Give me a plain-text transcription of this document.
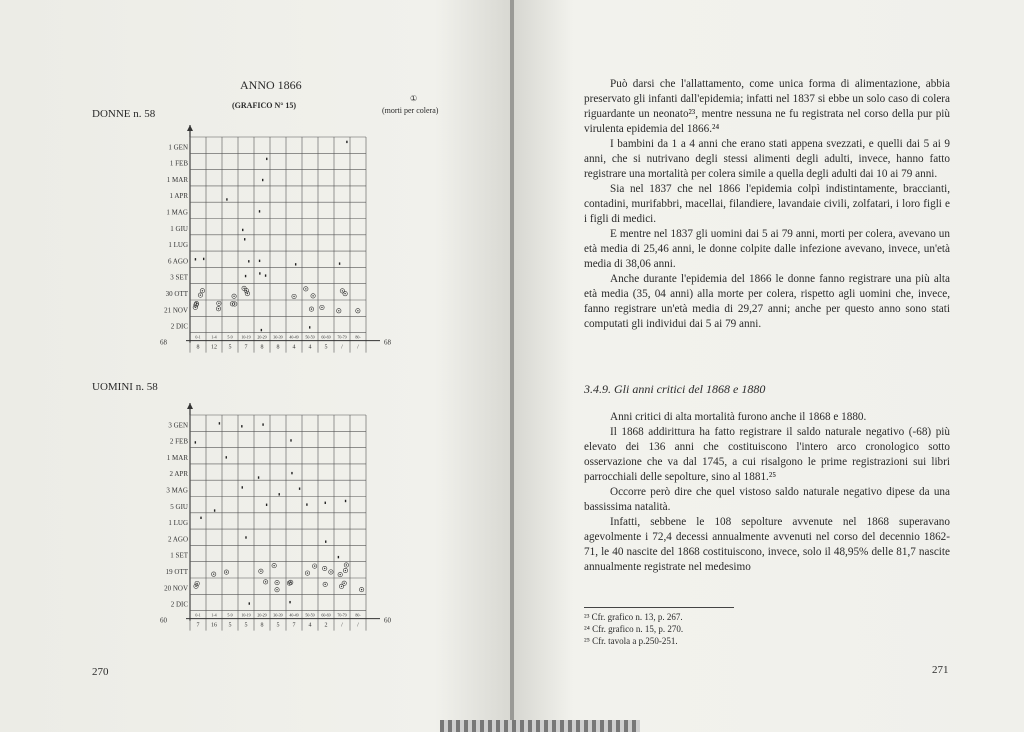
ANNO 1866
(GRAFICO N° 15)
①
(morti per colera)
DONNE n. 58
UOMINI n. 58
1 GEN
1 FEB
1 MAR
1 APR
1 MAG
1 GIU
1 LUG
6 AGO
3 SET
30 OTT
21 NOV
2 DIC
0-1	1-4	5-9 10-19 20-29 30-39 40-49 50-59 60-69 70-79 80-
8 12 5 7 8 8 4 4 5 / /
68	68
3 GEN
2 FEB
1 MAR
2 APR
3 MAG
5 GIU
1 LUG
2 AGO
1 SET
19 OTT
20 NOV
2 DIC
0-1	1-4	5-9 10-19 20-29 30-39 40-49 50-59 60-69 70-79 80-
7 16 5 5 8 5 7 4 2 / /
60	60
270

Può darsi che l'allattamento, come unica forma di alimentazione, abbia preservato gli infanti dall'epidemia; infatti nel 1837 si ebbe un solo caso di colera riguardante un neonato²³, mentre nessuna ne fu registrata nel corso della pur più virulenta epidemia del 1866.²⁴

I bambini da 1 a 4 anni che erano stati appena svezzati, e quelli dai 5 ai 9 anni, che si nutrivano degli stessi alimenti degli adulti, invece, hanno fatto registrare una mortalità per colera simile a quella degli adulti dai 10 ai 79 anni.

Sia nel 1837 che nel 1866 l'epidemia colpì indistintamente, braccianti, contadini, murifabbri, macellai, filandiere, lavandaie civili, zolfatari, i loro figli e i figli di medici.

E mentre nel 1837 gli uomini dai 5 ai 79 anni, morti per colera, avevano un età media di 25,46 anni, le donne colpite dalle infezione avevano, invece, un'età media di 38,06 anni.

Anche durante l'epidemia del 1866 le donne fanno registrare una più alta età media (35, 04 anni) alla morte per colera, rispetto agli uomini che, invece, fanno registrare un'età media di 29,27 anni; anche per questo anno sono stati computati gli individui dai 5 ai 79 anni.

3.4.9. Gli anni critici del 1868 e 1880

Anni critici di alta mortalità furono anche il 1868 e 1880.

Il 1868 addirittura ha fatto registrare il saldo naturale negativo (-68) più elevato dei 136 anni che costituiscono l'intero arco cronologico sotto osservazione che va dal 1745, a cui risalgono le prime registrazioni sui libri parrocchiali delle sepolture, sino al 1881.²⁵

Occorre però dire che quel vistoso saldo naturale negativo dipese da una bassissima natalità.

Infatti, sebbene le 108 sepolture avvenute nel 1868 superavano agevolmente i 72,4 decessi annualmente avvenuti nel corso del decennio 1862-71, le 40 nascite del 1868 costituiscono, invece, solo il 48,95% delle 81,7 nascite annualmente registrate nel medesimo

²³ Cfr. grafico n. 13, p. 267.
²⁴ Cfr. grafico n. 15, p. 270.
²⁵ Cfr. tavola a p.250-251.
271
